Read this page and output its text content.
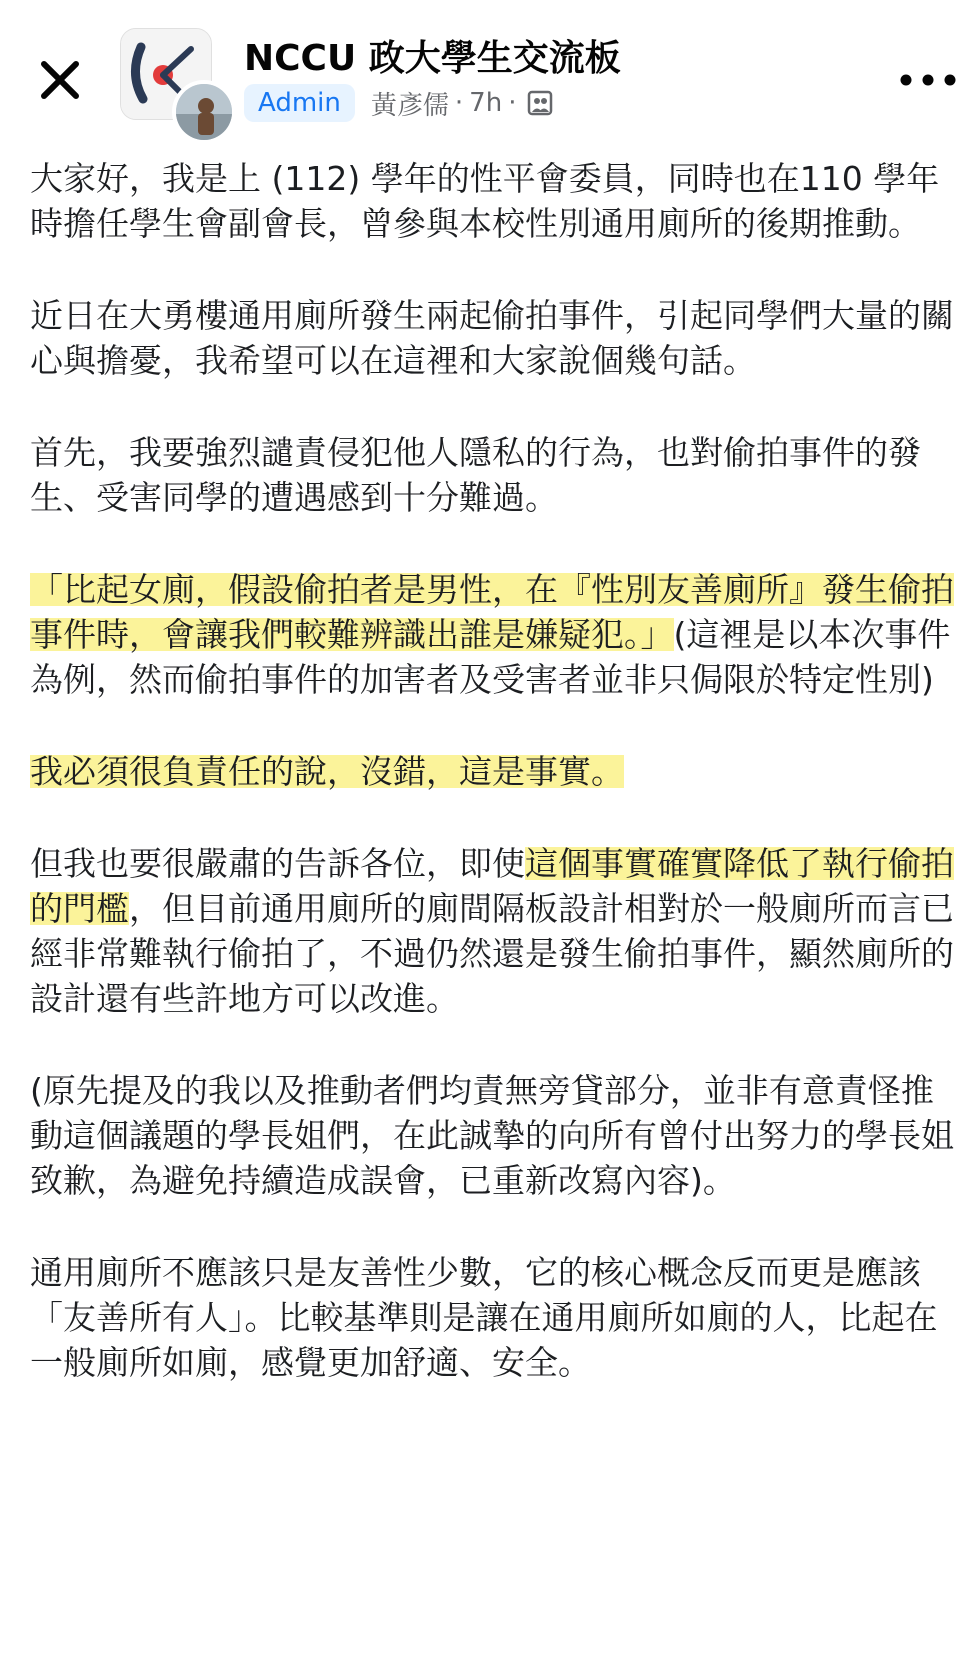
NCCU 政大學生交流板
Admin	黃彥儒 · 7h ·

大家好，我是上 (112) 學年的性平會委員，同時也在110 學年時擔任學生會副會長，曾參與本校性別通用廁所的後期推動。

近日在大勇樓通用廁所發生兩起偷拍事件，引起同學們大量的關心與擔憂，我希望可以在這裡和大家說個幾句話。

首先，我要強烈譴責侵犯他人隱私的行為，也對偷拍事件的發生、受害同學的遭遇感到十分難過。

「比起女廁，假設偷拍者是男性，在『性別友善廁所』發生偷拍事件時，會讓我們較難辨識出誰是嫌疑犯。」(這裡是以本次事件為例，然而偷拍事件的加害者及受害者並非只侷限於特定性別)

我必須很負責任的說，沒錯，這是事實。

但我也要很嚴肅的告訴各位，即使這個事實確實降低了執行偷拍的門檻，但目前通用廁所的廁間隔板設計相對於一般廁所而言已經非常難執行偷拍了，不過仍然還是發生偷拍事件，顯然廁所的設計還有些許地方可以改進。

(原先提及的我以及推動者們均責無旁貸部分，並非有意責怪推動這個議題的學長姐們，在此誠摯的向所有曾付出努力的學長姐致歉，為避免持續造成誤會，已重新改寫內容)。

通用廁所不應該只是友善性少數，它的核心概念反而更是應該「友善所有人」。比較基準則是讓在通用廁所如廁的人，比起在一般廁所如廁，感覺更加舒適、安全。
